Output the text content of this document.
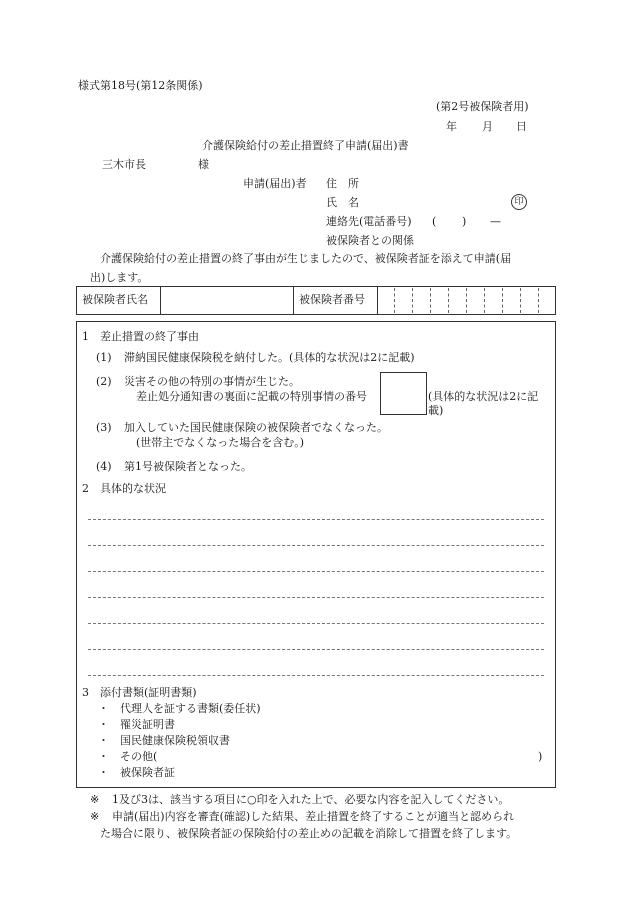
様式第18号(第12条関係)
(第2号被保険者用)
年 月 日
介護保険給付の差止措置終了申請(届出)書
三木市長	様
申請(届出)者 住　所
氏　名	印
連絡先(電話番号) ( ) —
被保険者との関係
介護保険給付の差止措置の終了事由が生じましたので、被保険者証を添えて申請(届
出)します。
被保険者氏名	被保険者番号
1　差止措置の終了事由
(1) 滞納国民健康保険税を納付した。(具体的な状況は2に記載)
(2) 災害その他の特別の事情が生じた。
差止処分通知書の裏面に記載の特別事情の番号	(具体的な状況は2に記
載)
(3) 加入していた国民健康保険の被保険者でなくなった。
(世帯主でなくなった場合を含む。)
(4) 第1号被保険者となった。
2　具体的な状況
3　添付書類(証明書類)
・ 代理人を証する書類(委任状)
・ 罹災証明書
・ 国民健康保険税領収書
・ その他(	)
・ 被保険者証
※ 1及び3は、該当する項目に○印を入れた上で、必要な内容を記入してください。
※ 申請(届出)内容を審査(確認)した結果、差止措置を終了することが適当と認められ
た場合に限り、被保険者証の保険給付の差止めの記載を消除して措置を終了します。
